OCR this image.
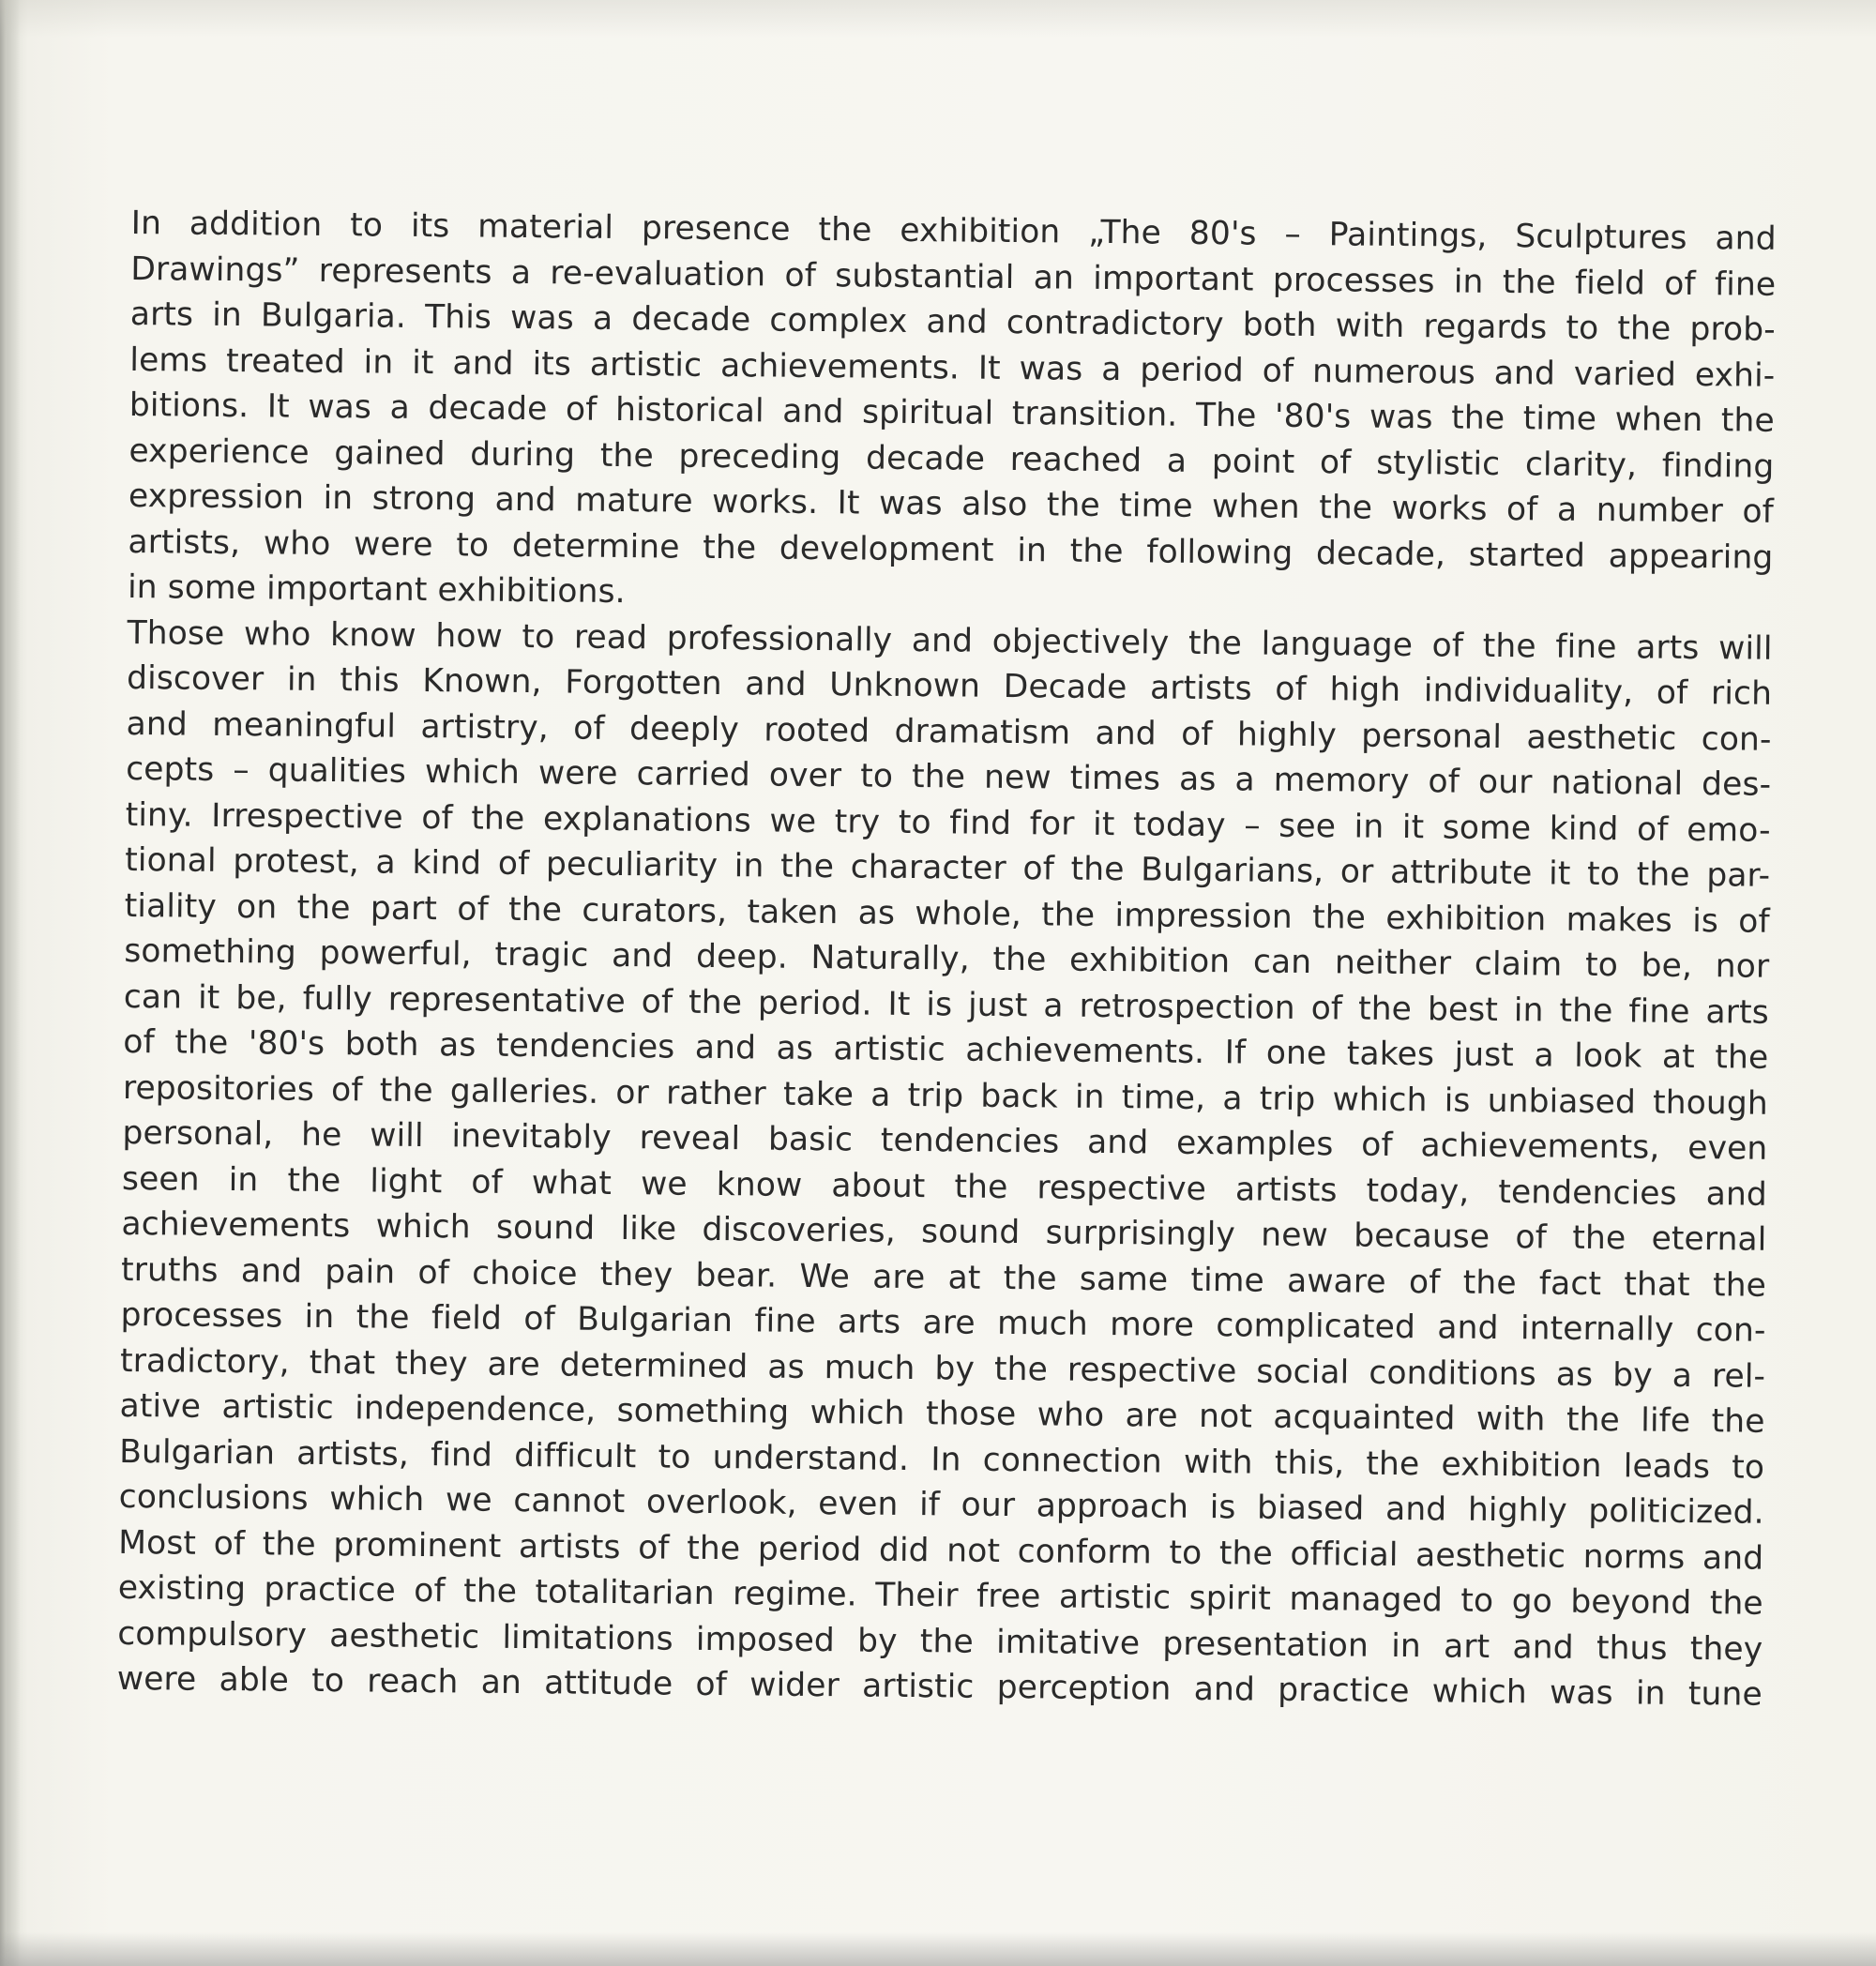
In addition to its material presence the exhibition „The 80's – Paintings, Sculptures and
Drawings” represents a re-evaluation of substantial an important processes in the field of fine
arts in Bulgaria. This was a decade complex and contradictory both with regards to the prob-
lems treated in it and its artistic achievements. It was a period of numerous and varied exhi-
bitions. It was a decade of historical and spiritual transition. The '80's was the time when the
experience gained during the preceding decade reached a point of stylistic clarity, finding
expression in strong and mature works. It was also the time when the works of a number of
artists, who were to determine the development in the following decade, started appearing
in some important exhibitions.
Those who know how to read professionally and objectively the language of the fine arts will
discover in this Known, Forgotten and Unknown Decade artists of high individuality, of rich
and meaningful artistry, of deeply rooted dramatism and of highly personal aesthetic con-
cepts – qualities which were carried over to the new times as a memory of our national des-
tiny. Irrespective of the explanations we try to find for it today – see in it some kind of emo-
tional protest, a kind of peculiarity in the character of the Bulgarians, or attribute it to the par-
tiality on the part of the curators, taken as whole, the impression the exhibition makes is of
something powerful, tragic and deep. Naturally, the exhibition can neither claim to be, nor
can it be, fully representative of the period. It is just a retrospection of the best in the fine arts
of the '80's both as tendencies and as artistic achievements. If one takes just a look at the
repositories of the galleries. or rather take a trip back in time, a trip which is unbiased though
personal, he will inevitably reveal basic tendencies and examples of achievements, even
seen in the light of what we know about the respective artists today, tendencies and
achievements which sound like discoveries, sound surprisingly new because of the eternal
truths and pain of choice they bear. We are at the same time aware of the fact that the
processes in the field of Bulgarian fine arts are much more complicated and internally con-
tradictory, that they are determined as much by the respective social conditions as by a rel-
ative artistic independence, something which those who are not acquainted with the life the
Bulgarian artists, find difficult to understand. In connection with this, the exhibition leads to
conclusions which we cannot overlook, even if our approach is biased and highly politicized.
Most of the prominent artists of the period did not conform to the official aesthetic norms and
existing practice of the totalitarian regime. Their free artistic spirit managed to go beyond the
compulsory aesthetic limitations imposed by the imitative presentation in art and thus they
were able to reach an attitude of wider artistic perception and practice which was in tune
